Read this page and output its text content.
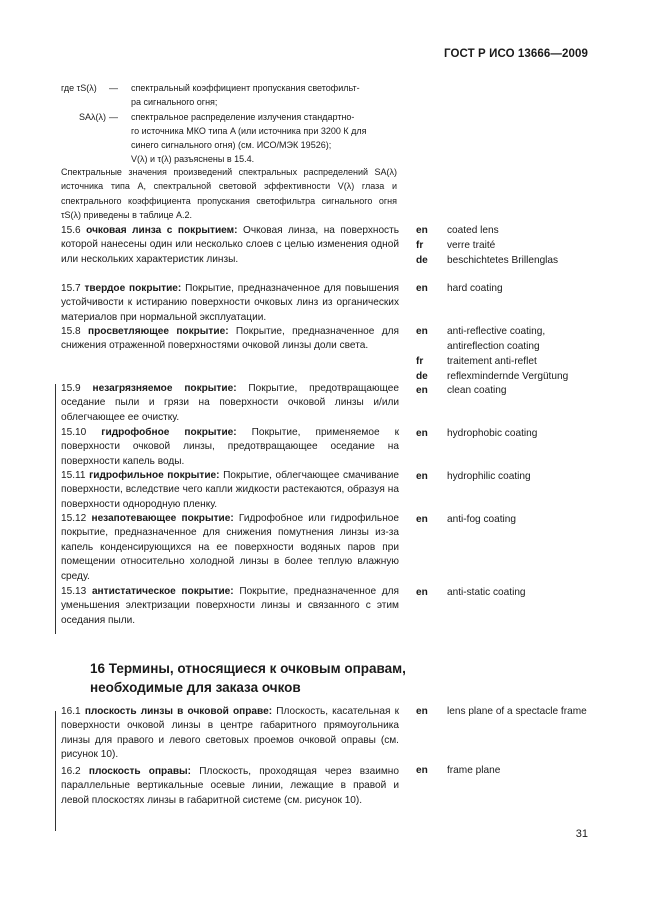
ГОСТ Р ИСО 13666—2009
где τS(λ) — спектральный коэффициент пропускания светофильт-
ра сигнального огня;
SAλ(λ) — спектральное распределение излучения стандартно-
го источника МКО типа A (или источника при 3200 К для
синего сигнального огня) (см. ИСО/МЭК 19526);
V(λ) и τ(λ) разъяснены в 15.4.
Спектральные значения произведений спектральных распределений SA(λ) источника типа A, спектральной световой эффективности V(λ) глаза и спектрального коэффициента пропускания светофильтра сигнального огня τS(λ) приведены в таблице А.2.
15.6 очковая линза с покрытием: Очковая линза, на поверхность которой нанесены один или несколько слоев с целью изменения одной или нескольких характеристик линзы.
en coated lens
fr verre traité
de beschichtetes Brillenglas
15.7 твердое покрытие: Покрытие, предназначенное для повышения устойчивости к истиранию поверхности очковых линз из органических материалов при нормальной эксплуатации.
en hard coating
15.8 просветляющее покрытие: Покрытие, предназначенное для снижения отраженной поверхностями очковой линзы доли света.
en anti-reflective coating,
antireflection coating
fr traitement anti-reflet
de reflexmindernde Vergütung
15.9 незагрязняемое покрытие: Покрытие, предотвращающее оседание пыли и грязи на поверхности очковой линзы и/или облегчающее ее очистку.
en clean coating
15.10 гидрофобное покрытие: Покрытие, применяемое к поверхности очковой линзы, предотвращающее оседание на поверхности капель воды.
en hydrophobic coating
15.11 гидрофильное покрытие: Покрытие, облегчающее смачивание поверхности, вследствие чего капли жидкости растекаются, образуя на поверхности однородную пленку.
en hydrophilic coating
15.12 незапотевающее покрытие: Гидрофобное или гидрофильное покрытие, предназначенное для снижения помутнения линзы из-за капель конденсирующихся на ее поверхности водяных паров при помещении относительно холодной линзы в более теплую влажную среду.
en anti-fog coating
15.13 антистатическое покрытие: Покрытие, предназначенное для уменьшения электризации поверхности линзы и связанного с этим оседания пыли.
en anti-static coating
16 Термины, относящиеся к очковым оправам, необходимые для заказа очков
16.1 плоскость линзы в очковой оправе: Плоскость, касательная к поверхности очковой линзы в центре габаритного прямоугольника линзы для правого и левого световых проемов очковой оправы (см. рисунок 10).
en lens plane of a spectacle frame
16.2 плоскость оправы: Плоскость, проходящая через взаимно параллельные вертикальные осевые линии, лежащие в правой и левой плоскостях линзы в габаритной системе (см. рисунок 10).
en frame plane
31
